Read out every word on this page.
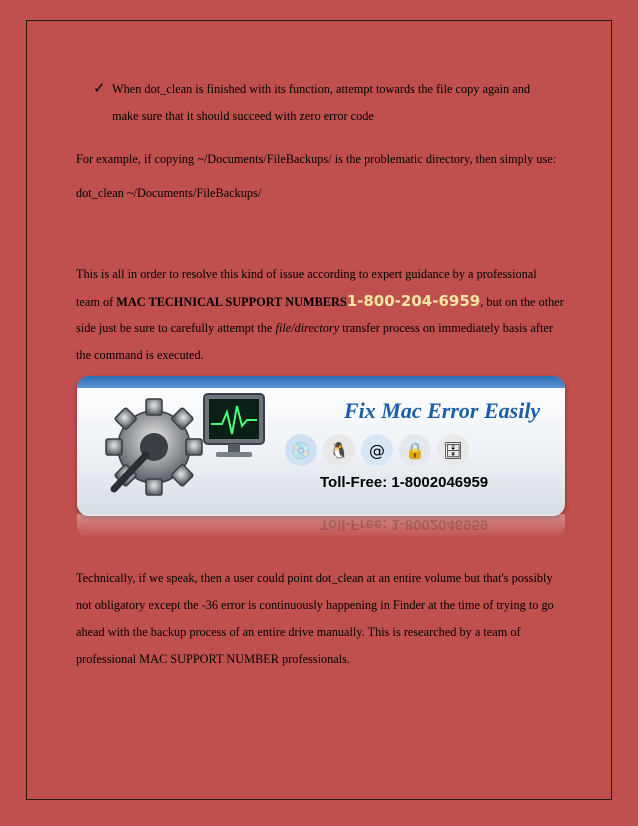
✓ When dot_clean is finished with its function, attempt towards the file copy again and
make sure that it should succeed with zero error code
For example, if copying ~/Documents/FileBackups/ is the problematic directory, then simply use:
dot_clean ~/Documents/FileBackups/
This is all in order to resolve this kind of issue according to expert guidance by a professional
team of MAC TECHNICAL SUPPORT NUMBERS1-800-204-6959, but on the other
side just be sure to carefully attempt the file/directory transfer process on immediately basis after
the command is executed.
Fix Mac Error Easily
💿	🐧	@	🔒	🗄
Toll-Free: 1-8002046959
Toll-Free: 1-8002046959
Technically, if we speak, then a user could point dot_clean at an entire volume but that's possibly
not obligatory except the -36 error is continuously happening in Finder at the time of trying to go
ahead with the backup process of an entire drive manually. This is researched by a team of
professional MAC SUPPORT NUMBER professionals.
